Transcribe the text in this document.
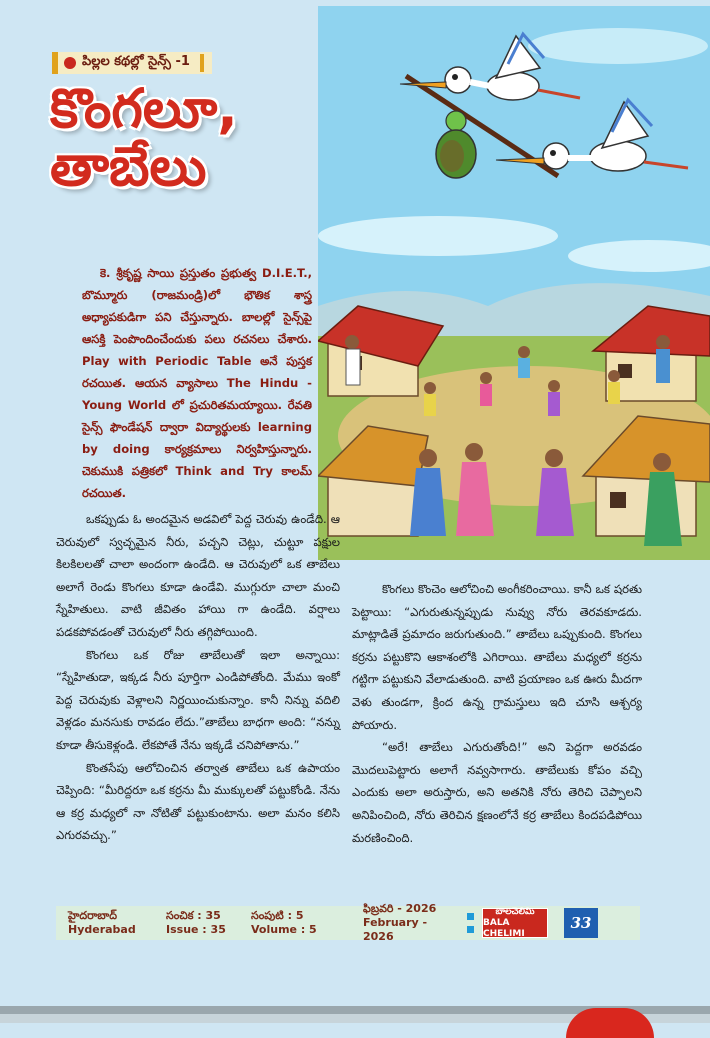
పిల్లల కథల్లో సైన్స్ -1
కొంగలూ,
తాబేలు

కె. శ్రీకృష్ణ సాయి ప్రస్తుతం ప్రభుత్వ D.I.E.T., బొమ్మూరు (రాజమండ్రి)లో భౌతిక శాస్త్ర అధ్యాపకుడిగా పని చేస్తున్నారు. బాలల్లో సైన్స్‌పై ఆసక్తి పెంపొందించేందుకు పలు రచనలు చేశారు. Play with Periodic Table అనే పుస్తక రచయిత. ఆయన వ్యాసాలు The Hindu - Young World లో ప్రచురితమయ్యాయి. రేవతి సైన్స్ ఫౌండేషన్ ద్వారా విద్యార్థులకు learning by doing కార్యక్రమాలు నిర్వహిస్తున్నారు. చెకుముకి పత్రికలో Think and Try కాలమ్ రచయిత.

ఒకప్పుడు ఓ అందమైన అడవిలో పెద్ద చెరువు ఉండేది. ఆ చెరువులో స్వచ్ఛమైన నీరు, పచ్చని చెట్లు, చుట్టూ పక్షుల కిలకిలలతో చాలా అందంగా ఉండేది. ఆ చెరువులో ఒక తాబేలు అలాగే రెండు కొంగలు కూడా ఉండేవి. ముగ్గురూ చాలా మంచి స్నేహితులు. వాటి జీవితం హాయి గా ఉండేది. వర్షాలు పడకపోవడంతో చెరువులో నీరు తగ్గిపోయింది.

కొంగలు ఒక రోజు తాబేలుతో ఇలా అన్నాయి: “స్నేహితుడా, ఇక్కడ నీరు పూర్తిగా ఎండిపోతోంది. మేము ఇంకో పెద్ద చెరువుకు వెళ్లాలని నిర్ణయించుకున్నాం. కానీ నిన్ను వదిలి వెళ్లడం మనసుకు రావడం లేదు.”తాబేలు బాధగా అంది: “నన్ను కూడా తీసుకెళ్లండి. లేకపోతే నేను ఇక్కడే చనిపోతాను.”

కొంతసేపు ఆలోచించిన తర్వాత తాబేలు ఒక ఉపాయం చెప్పింది: “మీరిద్దరూ ఒక కర్రను మీ ముక్కులతో పట్టుకోండి. నేను ఆ కర్ర మధ్యలో నా నోటితో పట్టుకుంటాను. అలా మనం కలిసి ఎగురవచ్చు.”

కొంగలు కొంచెం ఆలోచించి అంగీకరించాయి. కానీ ఒక షరతు పెట్టాయి: “ఎగురుతున్నప్పుడు నువ్వు నోరు తెరవకూడదు. మాట్లాడితే ప్రమాదం జరుగుతుంది.” తాబేలు ఒప్పుకుంది. కొంగలు కర్రను పట్టుకొని ఆకాశంలోకి ఎగిరాయి. తాబేలు మధ్యలో కర్రను గట్టిగా పట్టుకుని వేలాడుతుంది. వాటి ప్రయాణం ఒక ఊరు మీదగా వెళు తుండగా, క్రింద ఉన్న గ్రామస్తులు ఇది చూసి ఆశ్చర్య పోయారు.

“అరే! తాబేలు ఎగురుతోంది!” అని పెద్దగా అరవడం మొదలుపెట్టారు అలాగే నవ్వసాగారు. తాబేలుకు కోపం వచ్చి ఎందుకు అలా అరుస్తారు, అని అతనికి నోరు తెరిచి చెప్పాలని అనిపించింది, నోరు తెరిచిన క్షణంలోనే కర్ర తాబేలు కిందపడిపోయి మరణించింది.

హైదరాబాద్
Hyderabad
సంచిక : 35
Issue : 35
సంపుటి : 5
Volume : 5
ఫిబ్రవరి - 2026
February - 2026
బాలచెలిమి
BALA CHELIMI
33
